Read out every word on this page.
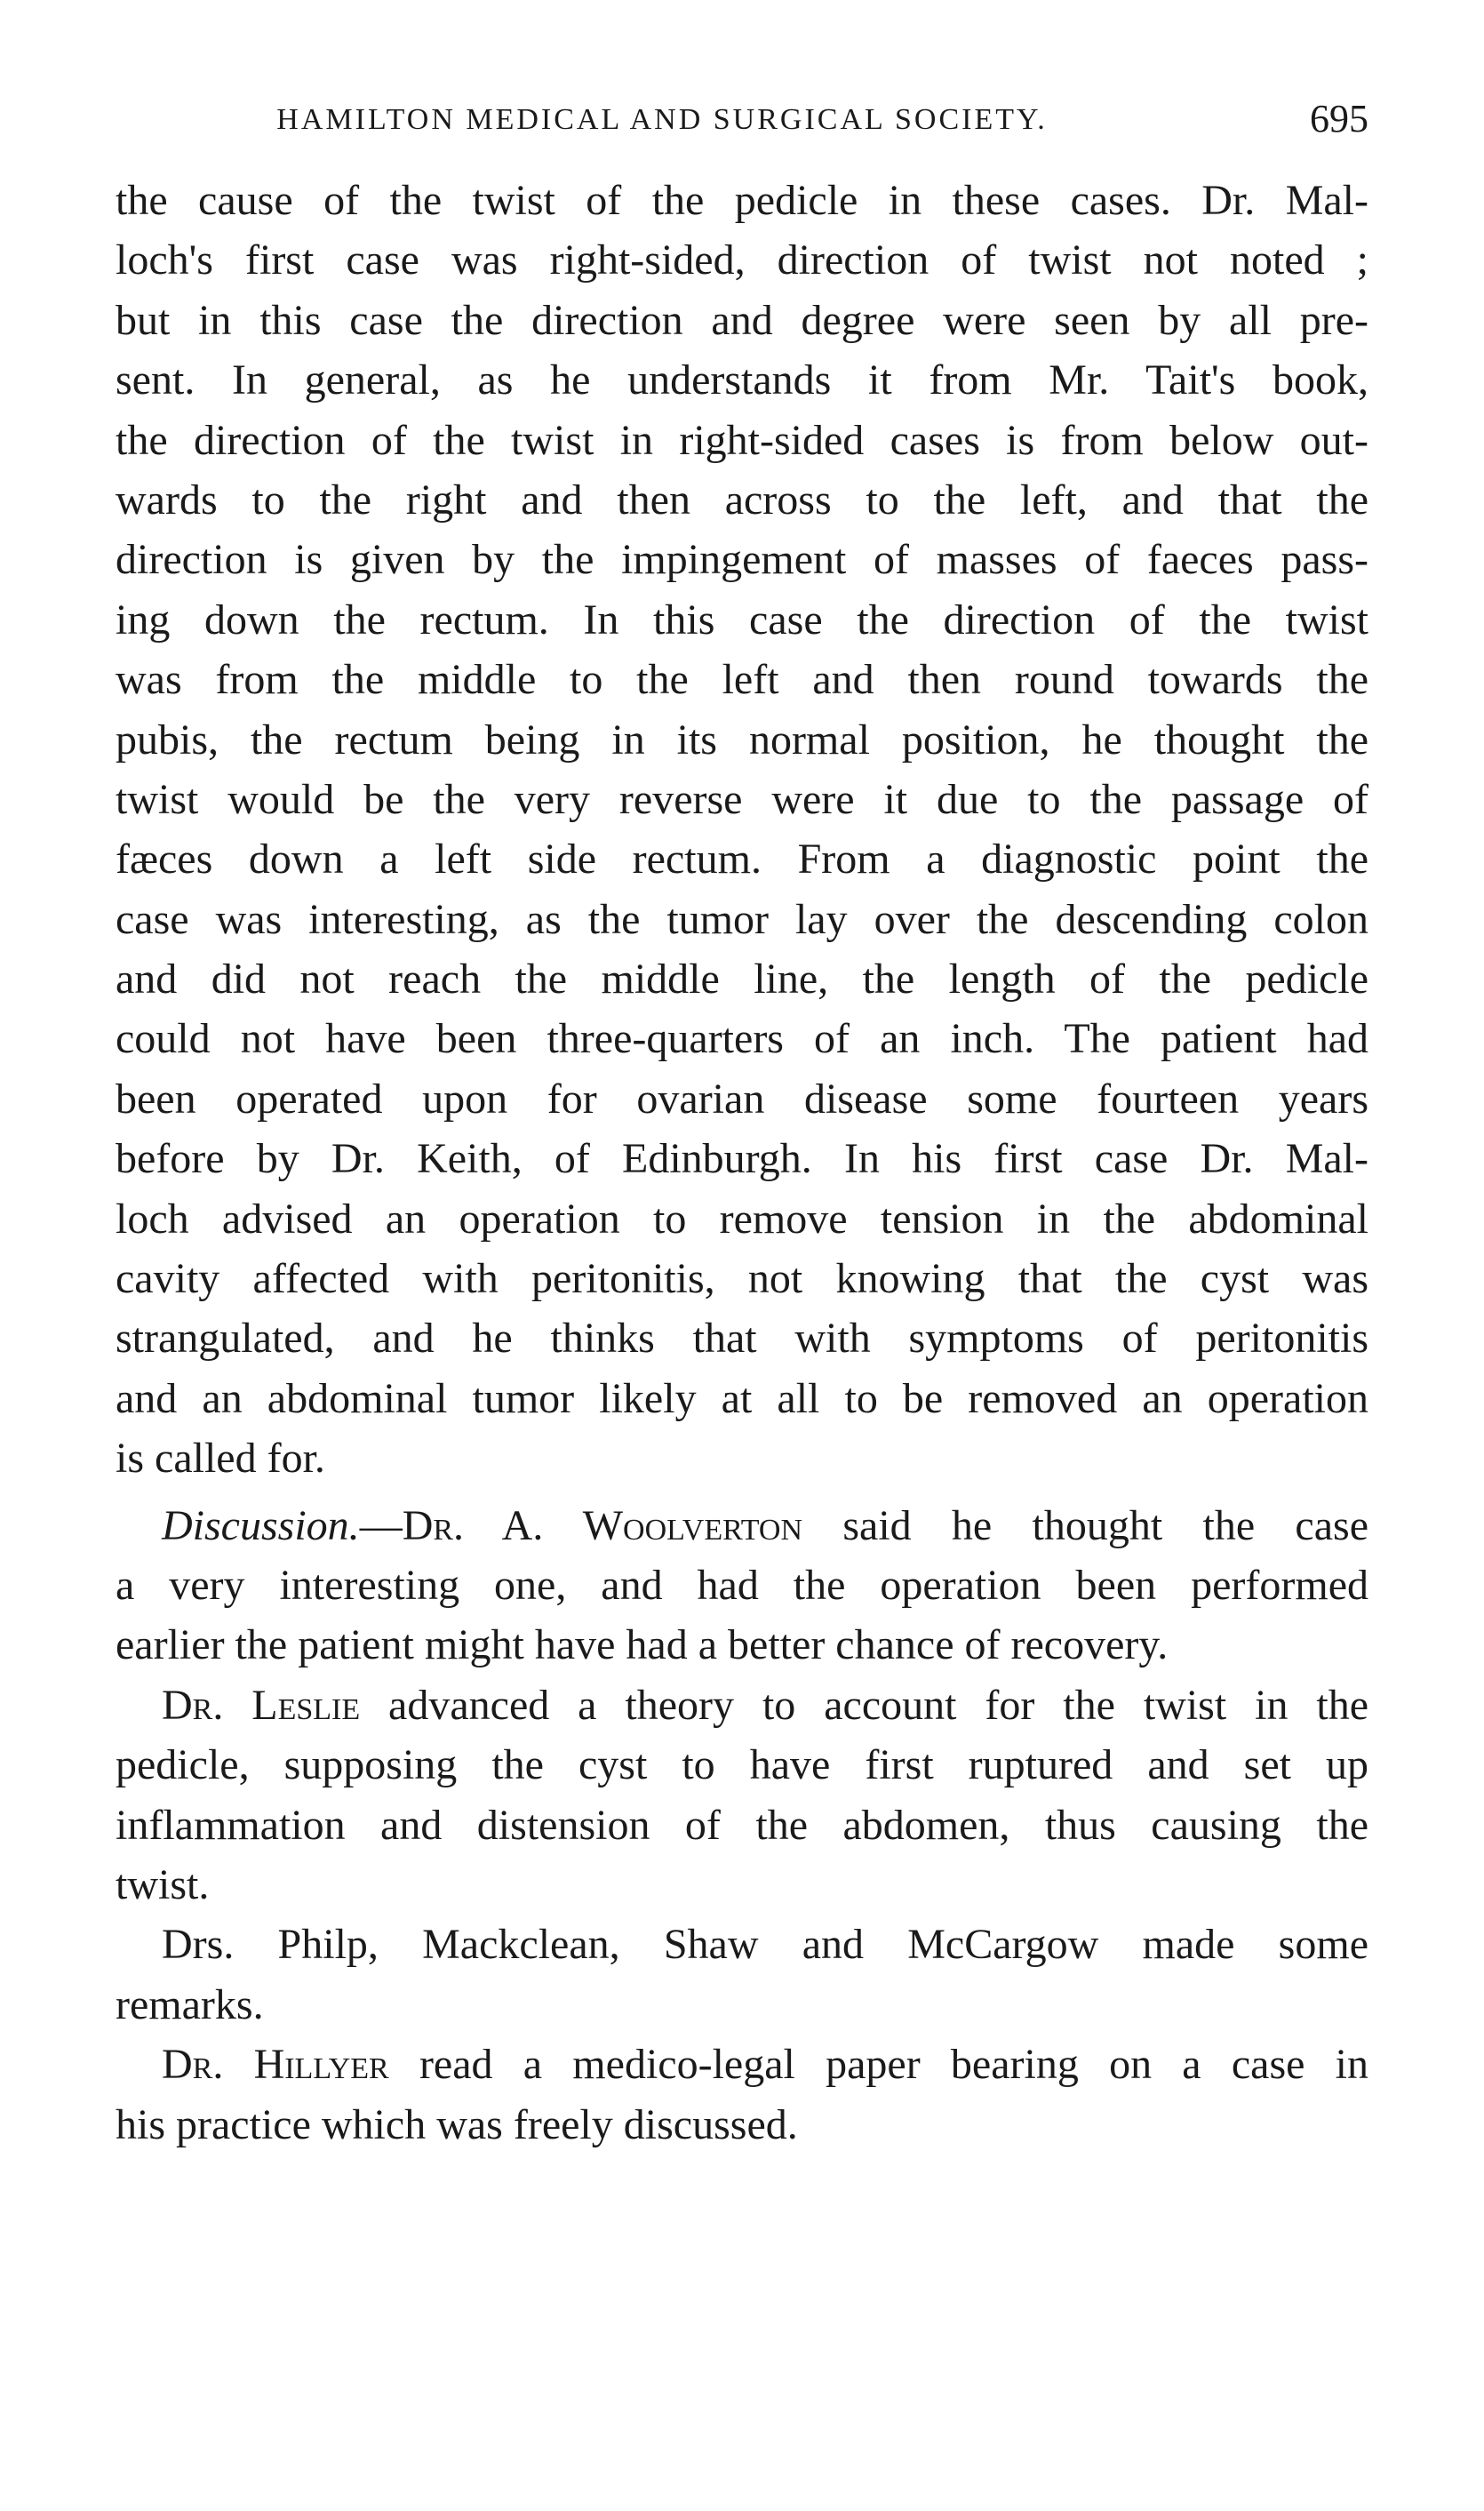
HAMILTON MEDICAL AND SURGICAL SOCIETY.	695
the cause of the twist of the pedicle in these cases. Dr. Mal-
loch's first case was right-sided, direction of twist not noted ;
but in this case the direction and degree were seen by all pre-
sent. In general, as he understands it from Mr. Tait's book,
the direction of the twist in right-sided cases is from below out-
wards to the right and then across to the left, and that the
direction is given by the impingement of masses of faeces pass-
ing down the rectum. In this case the direction of the twist
was from the middle to the left and then round towards the
pubis, the rectum being in its normal position, he thought the
twist would be the very reverse were it due to the passage of
fæces down a left side rectum. From a diagnostic point the
case was interesting, as the tumor lay over the descending colon
and did not reach the middle line, the length of the pedicle
could not have been three-quarters of an inch. The patient had
been operated upon for ovarian disease some fourteen years
before by Dr. Keith, of Edinburgh. In his first case Dr. Mal-
loch advised an operation to remove tension in the abdominal
cavity affected with peritonitis, not knowing that the cyst was
strangulated, and he thinks that with symptoms of peritonitis
and an abdominal tumor likely at all to be removed an operation
is called for.
Discussion.—Dr. A. Woolverton said he thought the case
a very interesting one, and had the operation been performed
earlier the patient might have had a better chance of recovery.
Dr. Leslie advanced a theory to account for the twist in the
pedicle, supposing the cyst to have first ruptured and set up
inflammation and distension of the abdomen, thus causing the
twist.
Drs. Philp, Mackclean, Shaw and McCargow made some
remarks.
Dr. Hillyer read a medico-legal paper bearing on a case in
his practice which was freely discussed.
